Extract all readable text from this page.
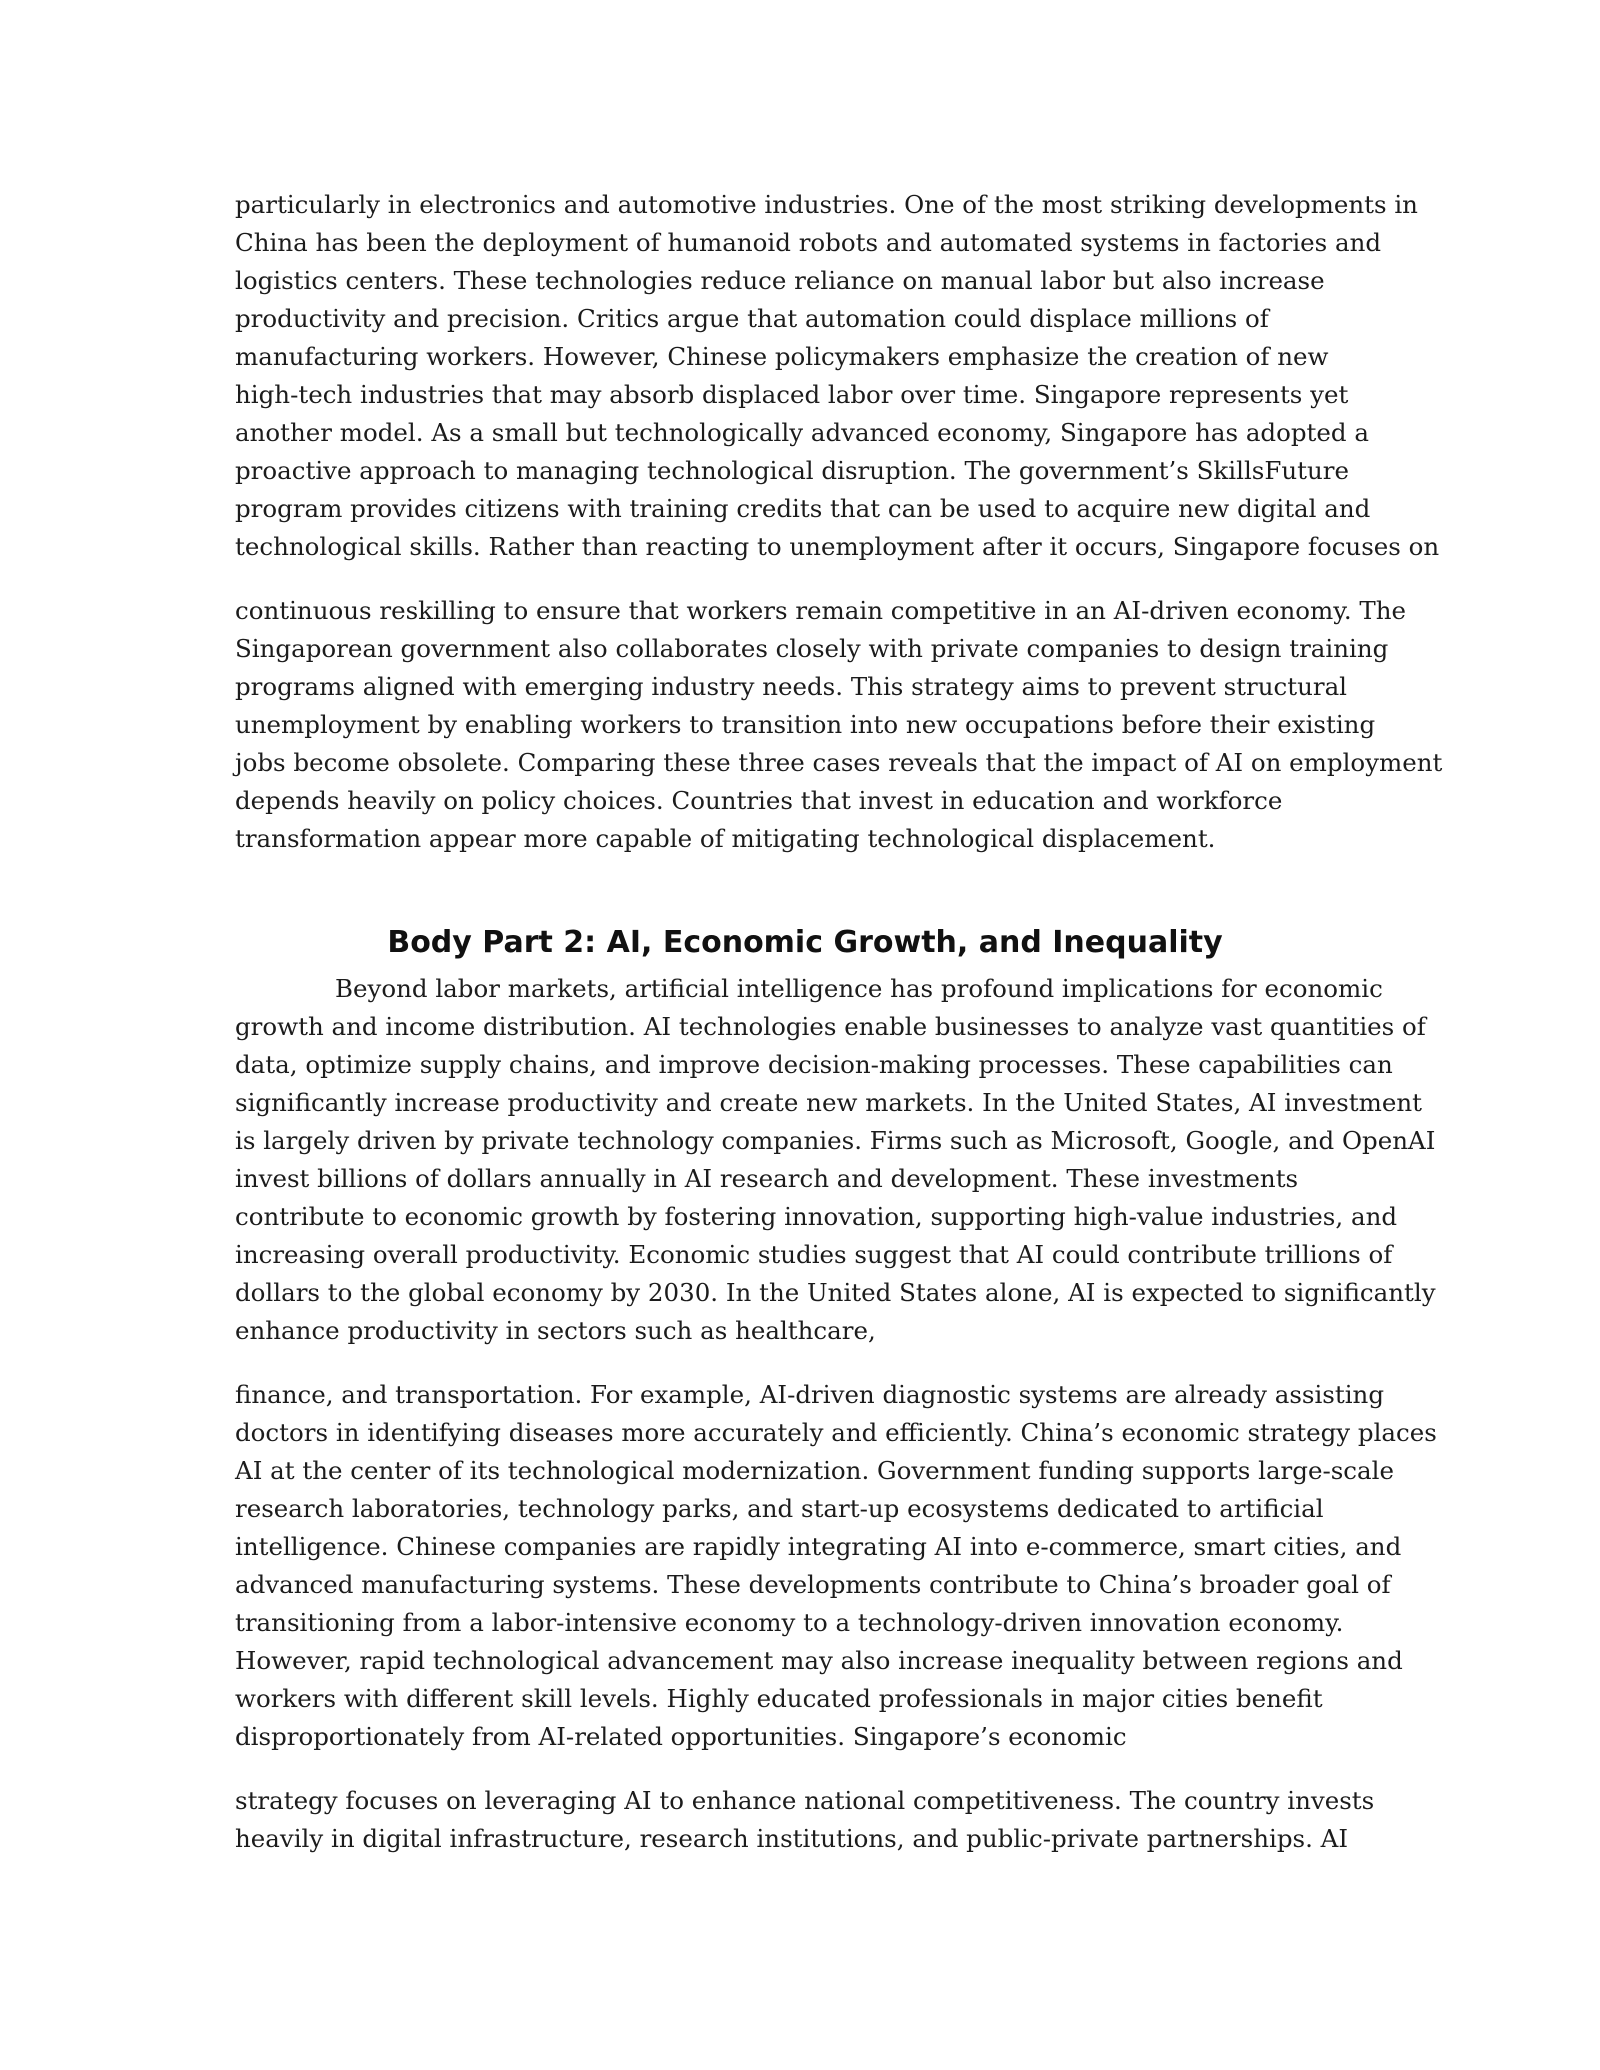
particularly in electronics and automotive industries. One of the most striking developments in
China has been the deployment of humanoid robots and automated systems in factories and
logistics centers. These technologies reduce reliance on manual labor but also increase
productivity and precision. Critics argue that automation could displace millions of
manufacturing workers. However, Chinese policymakers emphasize the creation of new
high-tech industries that may absorb displaced labor over time. Singapore represents yet
another model. As a small but technologically advanced economy, Singapore has adopted a
proactive approach to managing technological disruption. The government’s SkillsFuture
program provides citizens with training credits that can be used to acquire new digital and
technological skills. Rather than reacting to unemployment after it occurs, Singapore focuses on
continuous reskilling to ensure that workers remain competitive in an AI-driven economy. The
Singaporean government also collaborates closely with private companies to design training
programs aligned with emerging industry needs. This strategy aims to prevent structural
unemployment by enabling workers to transition into new occupations before their existing
jobs become obsolete. Comparing these three cases reveals that the impact of AI on employment
depends heavily on policy choices. Countries that invest in education and workforce
transformation appear more capable of mitigating technological displacement.
Body Part 2: AI, Economic Growth, and Inequality
Beyond labor markets, artificial intelligence has profound implications for economic
growth and income distribution. AI technologies enable businesses to analyze vast quantities of
data, optimize supply chains, and improve decision-making processes. These capabilities can
significantly increase productivity and create new markets. In the United States, AI investment
is largely driven by private technology companies. Firms such as Microsoft, Google, and OpenAI
invest billions of dollars annually in AI research and development. These investments
contribute to economic growth by fostering innovation, supporting high-value industries, and
increasing overall productivity. Economic studies suggest that AI could contribute trillions of
dollars to the global economy by 2030. In the United States alone, AI is expected to significantly
enhance productivity in sectors such as healthcare,
finance, and transportation. For example, AI-driven diagnostic systems are already assisting
doctors in identifying diseases more accurately and efficiently. China’s economic strategy places
AI at the center of its technological modernization. Government funding supports large-scale
research laboratories, technology parks, and start-up ecosystems dedicated to artificial
intelligence. Chinese companies are rapidly integrating AI into e-commerce, smart cities, and
advanced manufacturing systems. These developments contribute to China’s broader goal of
transitioning from a labor-intensive economy to a technology-driven innovation economy.
However, rapid technological advancement may also increase inequality between regions and
workers with different skill levels. Highly educated professionals in major cities benefit
disproportionately from AI-related opportunities. Singapore’s economic
strategy focuses on leveraging AI to enhance national competitiveness. The country invests
heavily in digital infrastructure, research institutions, and public-private partnerships. AI
